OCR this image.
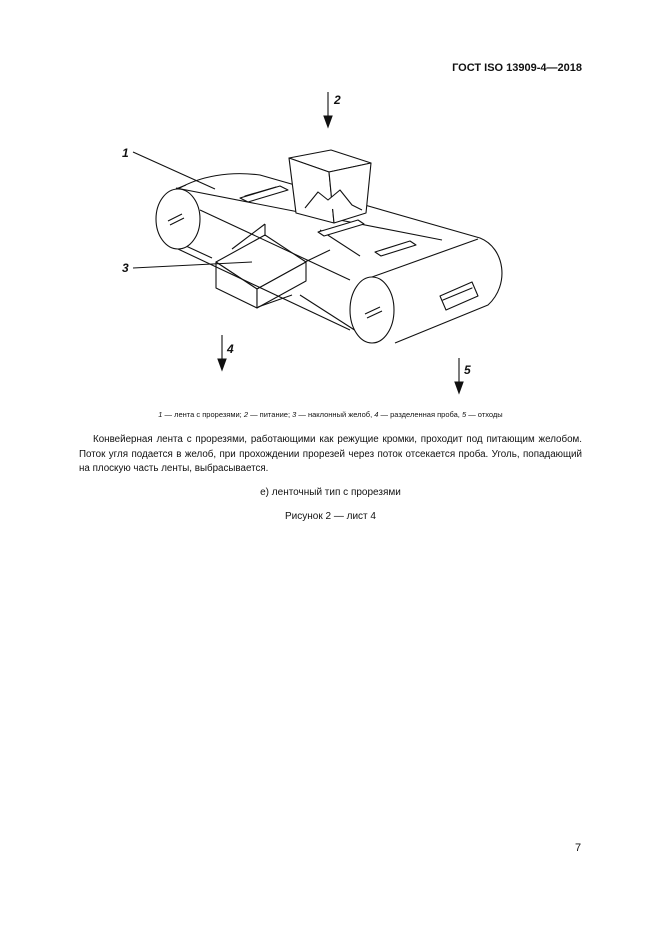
ГОСТ ISO 13909-4—2018
1
2
3
4
5
1 — лента с прорезями; 2 — питание; 3 — наклонный желоб, 4 — разделенная проба, 5 — отходы
Конвейерная лента с прорезями, работающими как режущие кромки, проходит под питающим желобом. Поток угля подается в желоб, при прохождении прорезей через поток отсекается проба. Уголь, попадающий на плоскую часть ленты, выбрасывается.
е) ленточный тип с прорезями
Рисунок 2 — лист 4
7
